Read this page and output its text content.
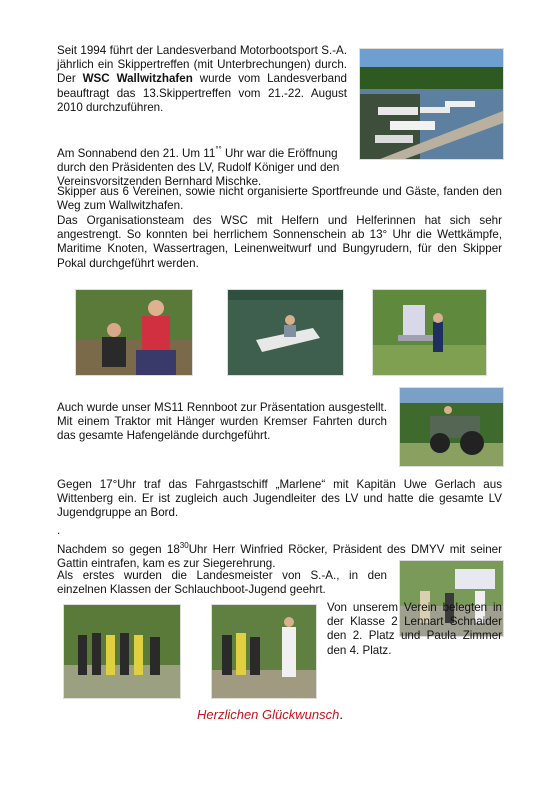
Seit 1994 führt der Landesverband Motorbootsport S.-A. jährlich ein Skippertreffen (mit Unterbrechungen) durch. Der WSC Wallwitzhafen wurde vom Landesverband beauftragt das 13.Skippertreffen vom 21.-22. August 2010 durchzuführen.
Am Sonnabend den 21. Um 11°° Uhr war die Eröffnung durch den Präsidenten des LV, Rudolf Königer und den Vereinsvorsitzenden Bernhard Mischke.
Skipper aus 6 Vereinen, sowie nicht organisierte Sportfreunde und Gäste, fanden den Weg zum Wallwitzhafen.
Das Organisationsteam des WSC mit Helfern und Helferinnen hat sich sehr angestrengt. So konnten bei herrlichem Sonnenschein ab 13° Uhr die Wettkämpfe, Maritime Knoten, Wassertragen, Leinenweitwurf und Bungyrudern, für den Skipper Pokal durchgeführt werden.
Auch wurde unser MS11 Rennboot zur Präsentation ausgestellt. Mit einem Traktor mit Hänger wurden Kremser Fahrten durch das gesamte Hafengelände durchgeführt.
Gegen 17°Uhr traf das Fahrgastschiff „Marlene“ mit Kapitän Uwe Gerlach aus Wittenberg ein. Er ist zugleich auch Jugendleiter des LV und hatte die gesamte LV Jugendgruppe an Bord.
.
Nachdem so gegen $18^{30}Uhr$ Herr Winfried Röcker, Präsident des DMYV mit seiner Gattin eintrafen, kam es zur Siegerehrung.
Als erstes wurden die Landesmeister von S.-A., in den einzelnen Klassen der Schlauchboot-Jugend geehrt.
Von unserem Verein belegten in der Klasse 2 Lennart Schnaider den 2. Platz und Paula Zimmer den 4. Platz.
Herzlichen Glückwunsch.
